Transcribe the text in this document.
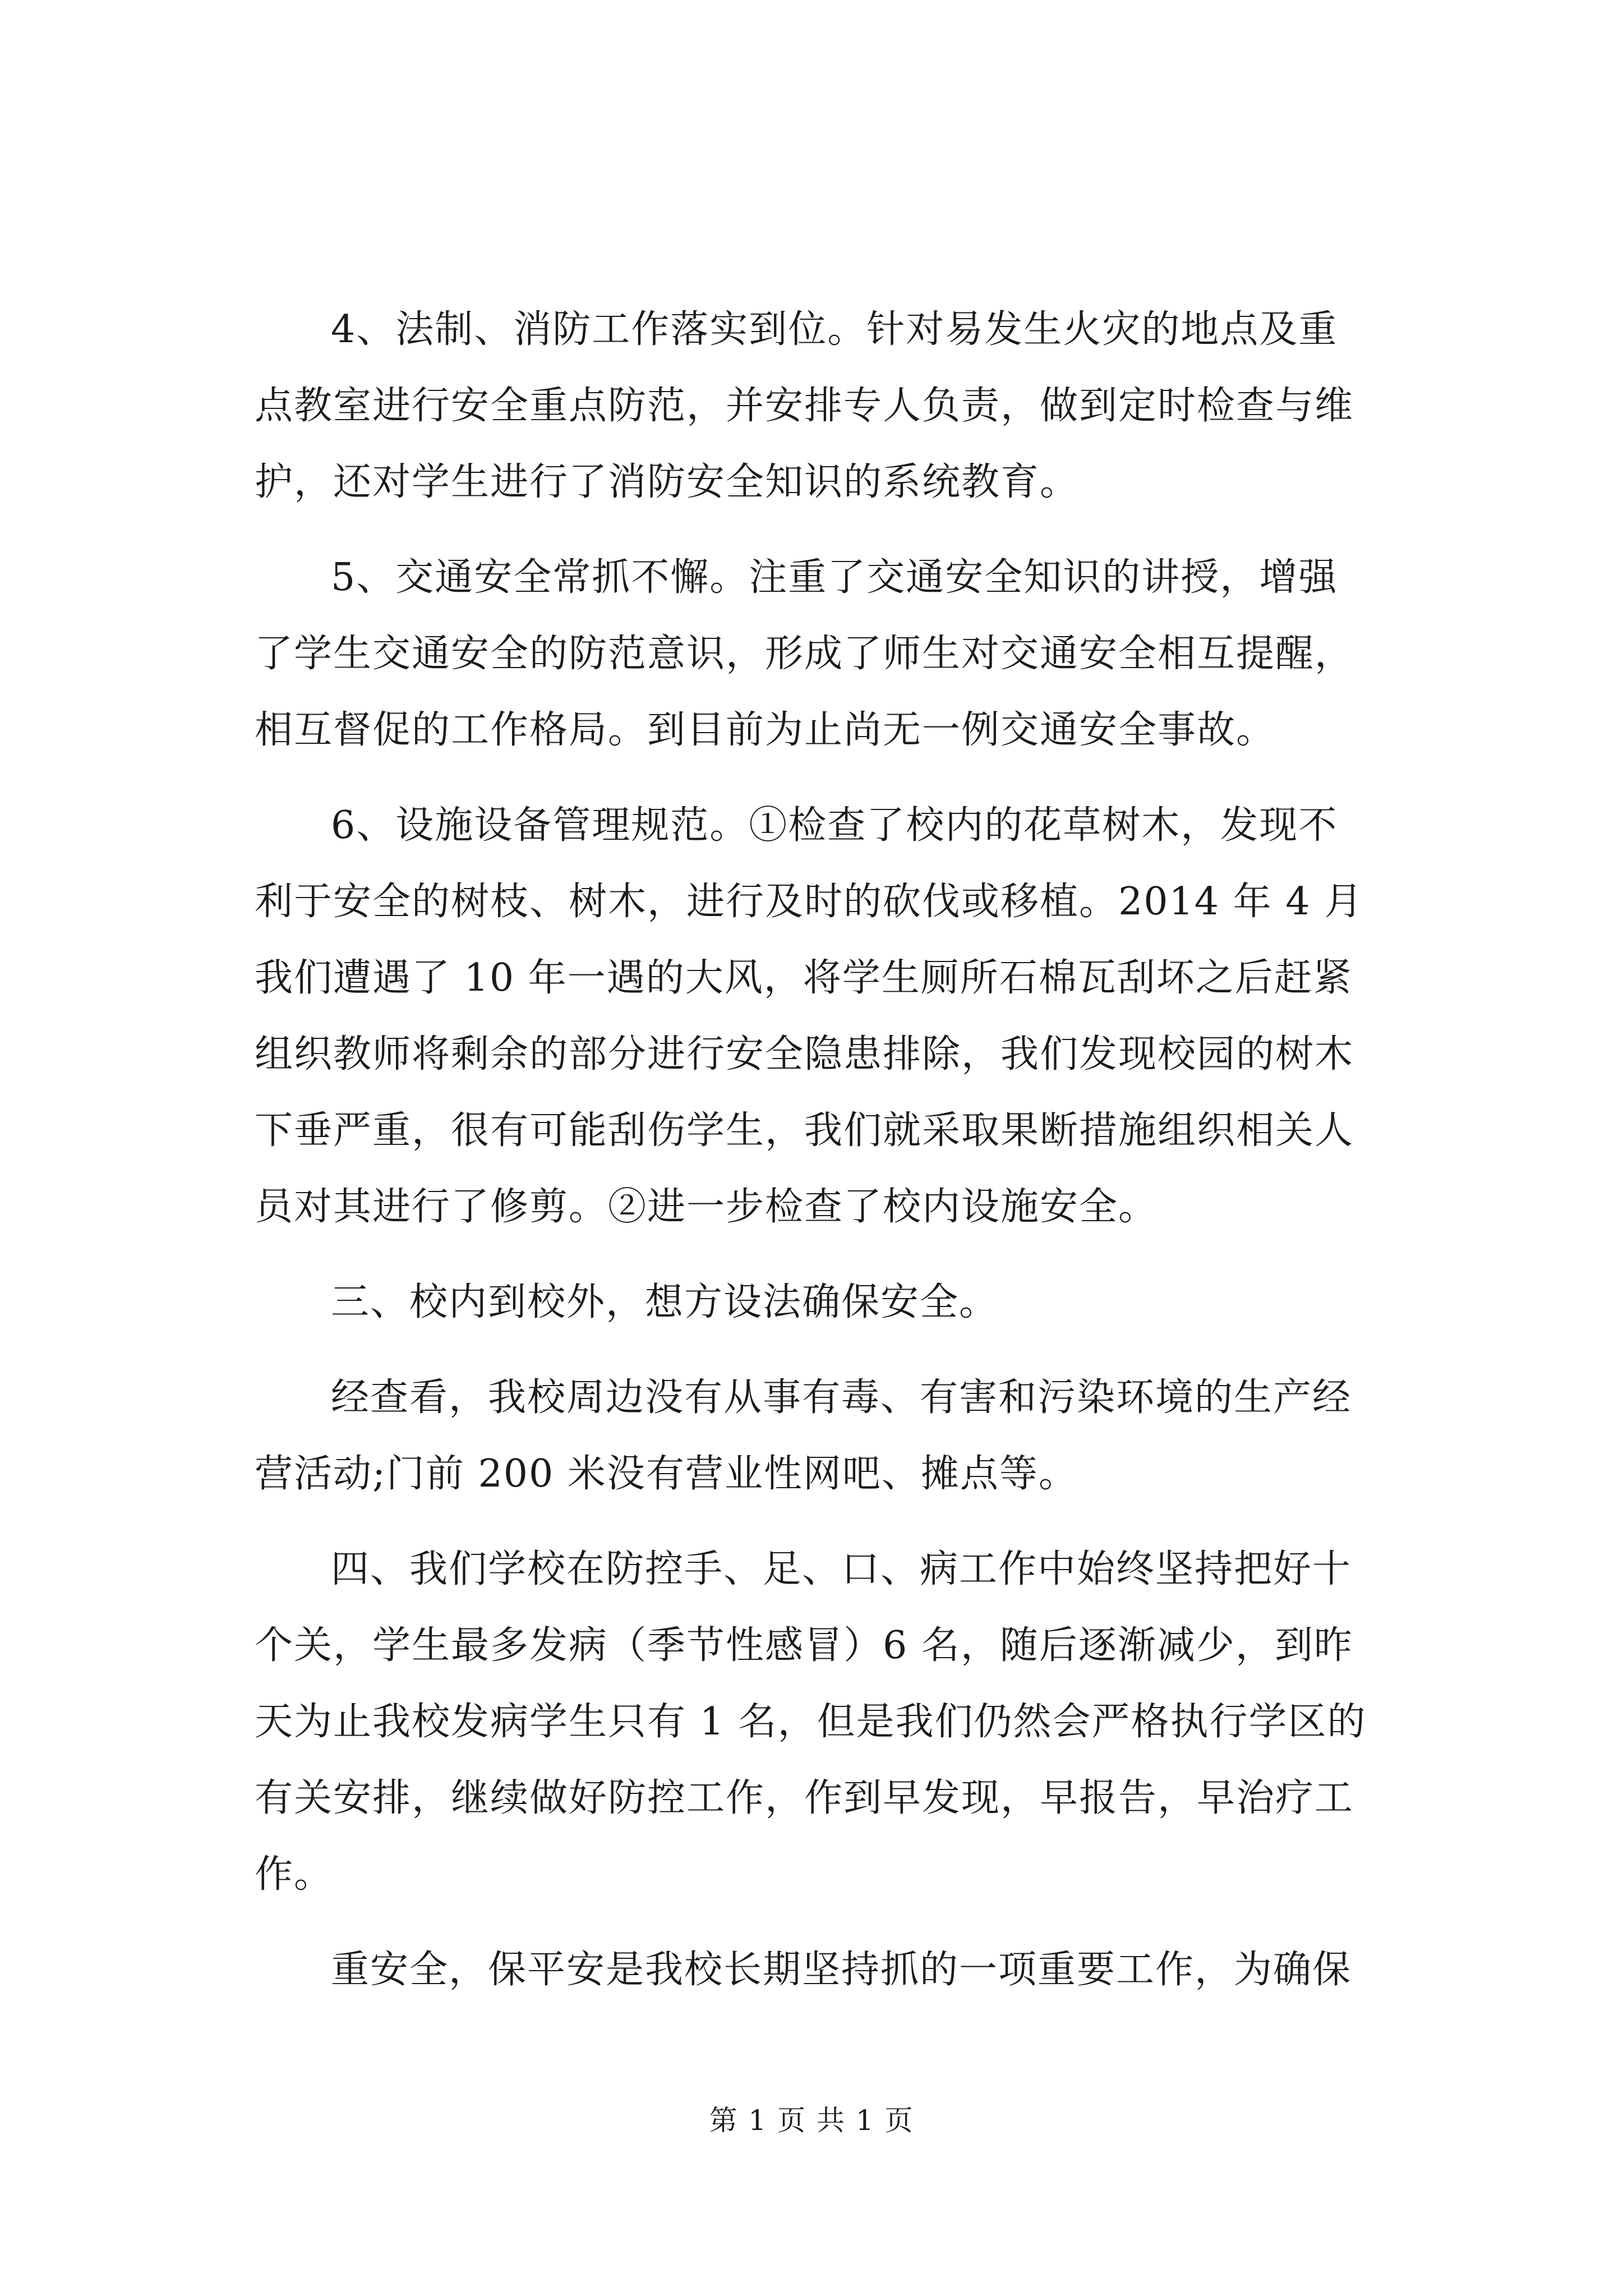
4、法制、消防工作落实到位。针对易发生火灾的地点及重
点教室进行安全重点防范，并安排专人负责，做到定时检查与维
护，还对学生进行了消防安全知识的系统教育。
5、交通安全常抓不懈。注重了交通安全知识的讲授，增强
了学生交通安全的防范意识，形成了师生对交通安全相互提醒，
相互督促的工作格局。到目前为止尚无一例交通安全事故。
6、设施设备管理规范。①检查了校内的花草树木，发现不
利于安全的树枝、树木，进行及时的砍伐或移植。2014 年 4 月
我们遭遇了 10 年一遇的大风，将学生厕所石棉瓦刮坏之后赶紧
组织教师将剩余的部分进行安全隐患排除，我们发现校园的树木
下垂严重，很有可能刮伤学生，我们就采取果断措施组织相关人
员对其进行了修剪。②进一步检查了校内设施安全。
三、校内到校外，想方设法确保安全。
经查看，我校周边没有从事有毒、有害和污染环境的生产经
营活动;门前 200 米没有营业性网吧、摊点等。
四、我们学校在防控手、足、口、病工作中始终坚持把好十
个关，学生最多发病（季节性感冒）6 名，随后逐渐减少，到昨
天为止我校发病学生只有 1 名，但是我们仍然会严格执行学区的
有关安排，继续做好防控工作，作到早发现，早报告，早治疗工
作。
重安全，保平安是我校长期坚持抓的一项重要工作，为确保
第 1 页 共 1 页
